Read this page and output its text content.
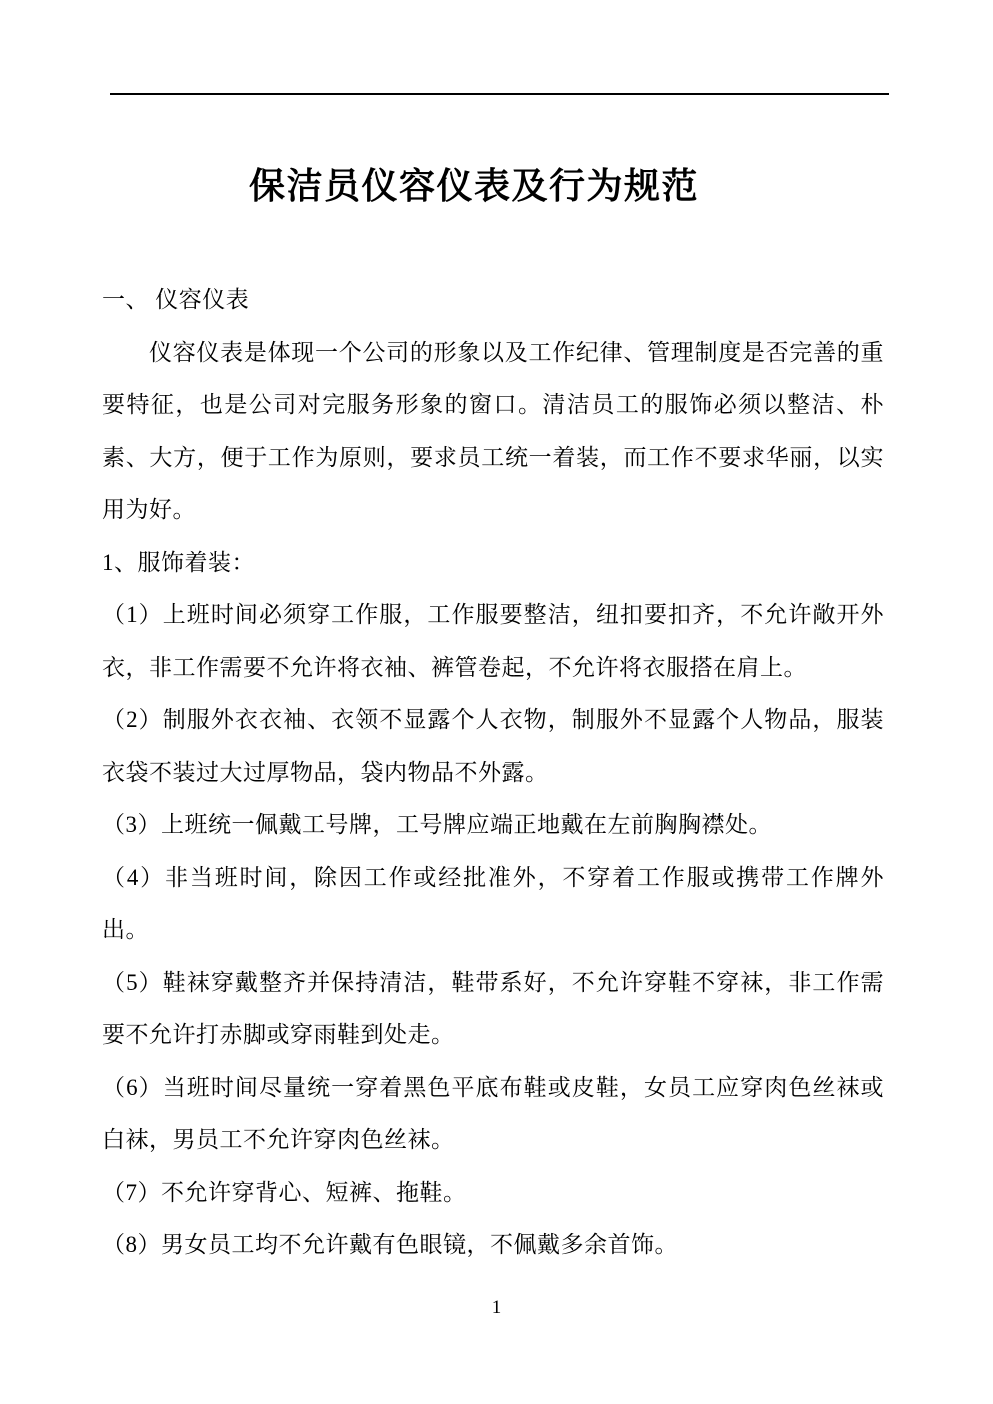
保洁员仪容仪表及行为规范

一、 仪容仪表

仪容仪表是体现一个公司的形象以及工作纪律、管理制度是否完善的重要特征，也是公司对完服务形象的窗口。清洁员工的服饰必须以整洁、朴素、大方，便于工作为原则，要求员工统一着装，而工作不要求华丽，以实用为好。

1、服饰着装：

（1）上班时间必须穿工作服，工作服要整洁，纽扣要扣齐，不允许敞开外衣，非工作需要不允许将衣袖、裤管卷起，不允许将衣服搭在肩上。

（2）制服外衣衣袖、衣领不显露个人衣物，制服外不显露个人物品，服装衣袋不装过大过厚物品，袋内物品不外露。

（3）上班统一佩戴工号牌，工号牌应端正地戴在左前胸胸襟处。

（4）非当班时间，除因工作或经批准外，不穿着工作服或携带工作牌外出。

（5）鞋袜穿戴整齐并保持清洁，鞋带系好，不允许穿鞋不穿袜，非工作需要不允许打赤脚或穿雨鞋到处走。

（6）当班时间尽量统一穿着黑色平底布鞋或皮鞋，女员工应穿肉色丝袜或白袜，男员工不允许穿肉色丝袜。

（7）不允许穿背心、短裤、拖鞋。

（8）男女员工均不允许戴有色眼镜，不佩戴多余首饰。

1
